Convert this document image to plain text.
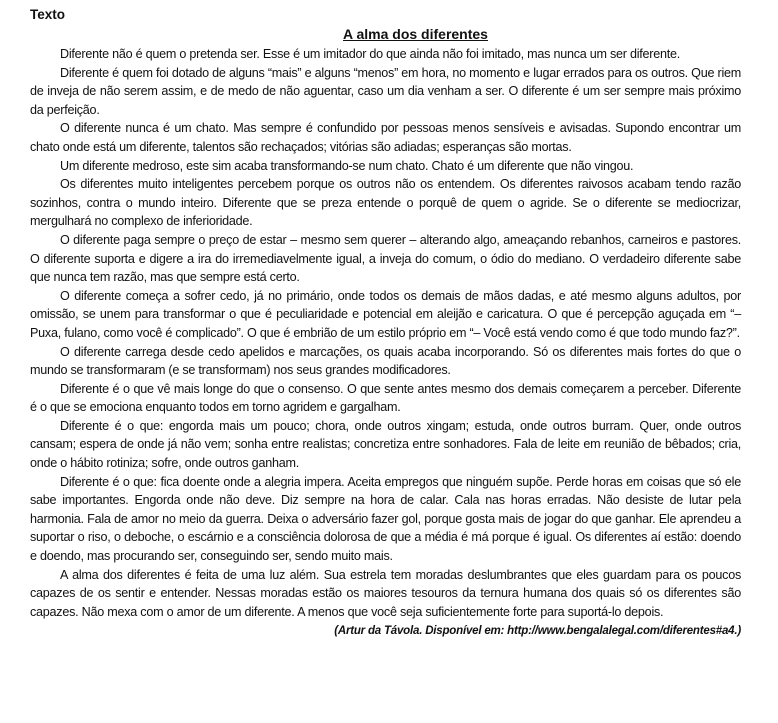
Texto
A alma dos diferentes

Diferente não é quem o pretenda ser. Esse é um imitador do que ainda não foi imitado, mas nunca um ser diferente.

Diferente é quem foi dotado de alguns “mais” e alguns “menos” em hora, no momento e lugar errados para os outros. Que riem de inveja de não serem assim, e de medo de não aguentar, caso um dia venham a ser. O diferente é um ser sempre mais próximo da perfeição.

O diferente nunca é um chato. Mas sempre é confundido por pessoas menos sensíveis e avisadas. Supondo encontrar um chato onde está um diferente, talentos são rechaçados; vitórias são adiadas; esperanças são mortas.

Um diferente medroso, este sim acaba transformando-se num chato. Chato é um diferente que não vingou.

Os diferentes muito inteligentes percebem porque os outros não os entendem. Os diferentes raivosos acabam tendo razão sozinhos, contra o mundo inteiro. Diferente que se preza entende o porquê de quem o agride. Se o diferente se mediocrizar, mergulhará no complexo de inferioridade.

O diferente paga sempre o preço de estar – mesmo sem querer – alterando algo, ameaçando rebanhos, carneiros e pastores. O diferente suporta e digere a ira do irremediavelmente igual, a inveja do comum, o ódio do mediano. O verdadeiro diferente sabe que nunca tem razão, mas que sempre está certo.

O diferente começa a sofrer cedo, já no primário, onde todos os demais de mãos dadas, e até mesmo alguns adultos, por omissão, se unem para transformar o que é peculiaridade e potencial em aleijão e caricatura. O que é percepção aguçada em “– Puxa, fulano, como você é complicado”. O que é embrião de um estilo próprio em “– Você está vendo como é que todo mundo faz?”.

O diferente carrega desde cedo apelidos e marcações, os quais acaba incorporando. Só os diferentes mais fortes do que o mundo se transformaram (e se transformam) nos seus grandes modificadores.

Diferente é o que vê mais longe do que o consenso. O que sente antes mesmo dos demais começarem a perceber. Diferente é o que se emociona enquanto todos em torno agridem e gargalham.

Diferente é o que: engorda mais um pouco; chora, onde outros xingam; estuda, onde outros burram. Quer, onde outros cansam; espera de onde já não vem; sonha entre realistas; concretiza entre sonhadores. Fala de leite em reunião de bêbados; cria, onde o hábito rotiniza; sofre, onde outros ganham.

Diferente é o que: fica doente onde a alegria impera. Aceita empregos que ninguém supõe. Perde horas em coisas que só ele sabe importantes. Engorda onde não deve. Diz sempre na hora de calar. Cala nas horas erradas. Não desiste de lutar pela harmonia. Fala de amor no meio da guerra. Deixa o adversário fazer gol, porque gosta mais de jogar do que ganhar. Ele aprendeu a suportar o riso, o deboche, o escárnio e a consciência dolorosa de que a média é má porque é igual. Os diferentes aí estão: doendo e doendo, mas procurando ser, conseguindo ser, sendo muito mais.

A alma dos diferentes é feita de uma luz além. Sua estrela tem moradas deslumbrantes que eles guardam para os poucos capazes de os sentir e entender. Nessas moradas estão os maiores tesouros da ternura humana dos quais só os diferentes são capazes. Não mexa com o amor de um diferente. A menos que você seja suficientemente forte para suportá-lo depois.

(Artur da Távola. Disponível em: http://www.bengalalegal.com/diferentes#a4.)
